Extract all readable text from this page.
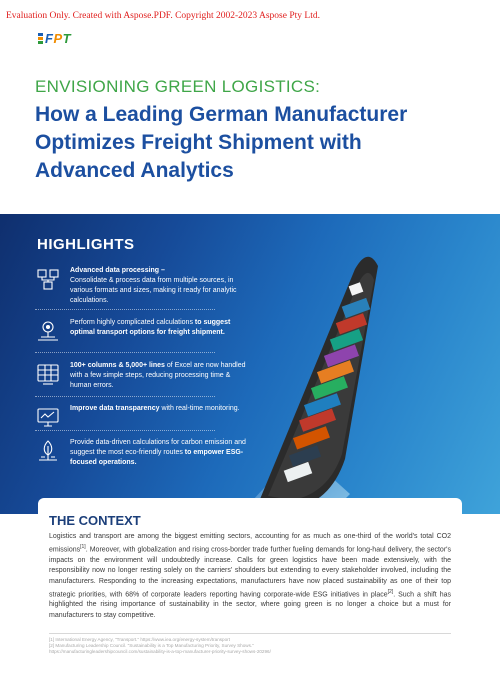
Evaluation Only. Created with Aspose.PDF. Copyright 2002-2023 Aspose Pty Ltd.
FPT
ENVISIONING GREEN LOGISTICS:
How a Leading German Manufacturer
Optimizes Freight Shipment with
Advanced Analytics
HIGHLIGHTS
Advanced data processing –
Consolidate & process data from multiple sources, in various formats and sizes, making it ready for analytic calculations.
Perform highly complicated calculations to suggest optimal transport options for freight shipment.
100+ columns & 5,000+ lines of Excel are now handled with a few simple steps, reducing processing time & human errors.
Improve data transparency with real-time monitoring.
Provide data-driven calculations for carbon emission and suggest the most eco-friendly routes to empower ESG-focused operations.
THE CONTEXT
Logistics and transport are among the biggest emitting sectors, accounting for as much as one-third of the world's total CO2 emissions[1]. Moreover, with globalization and rising cross-border trade further fueling demands for long-haul delivery, the sector's impacts on the environment will undoubtedly increase. Calls for green logistics have been made extensively, with the responsibility now no longer resting solely on the carriers' shoulders but extending to every stakeholder involved, including the manufacturers. Responding to the increasing expectations, manufacturers have now placed sustainability as one of their top strategic priorities, with 68% of corporate leaders reporting having corporate-wide ESG initiatives in place[2]. Such a shift has highlighted the rising importance of sustainability in the sector, where going green is no longer a choice but a must for manufacturers to stay competitive.
[1] International Energy Agency, "Transport." https://www.iea.org/energy-system/transport
[2] Manufacturing Leadership Council. "Sustainability is a Top Manufacturing Priority, Survey Shows."
https://manufacturingleadershipcouncil.com/sustainability-is-a-top-manufacturer-priority-survey-shows-20296/
